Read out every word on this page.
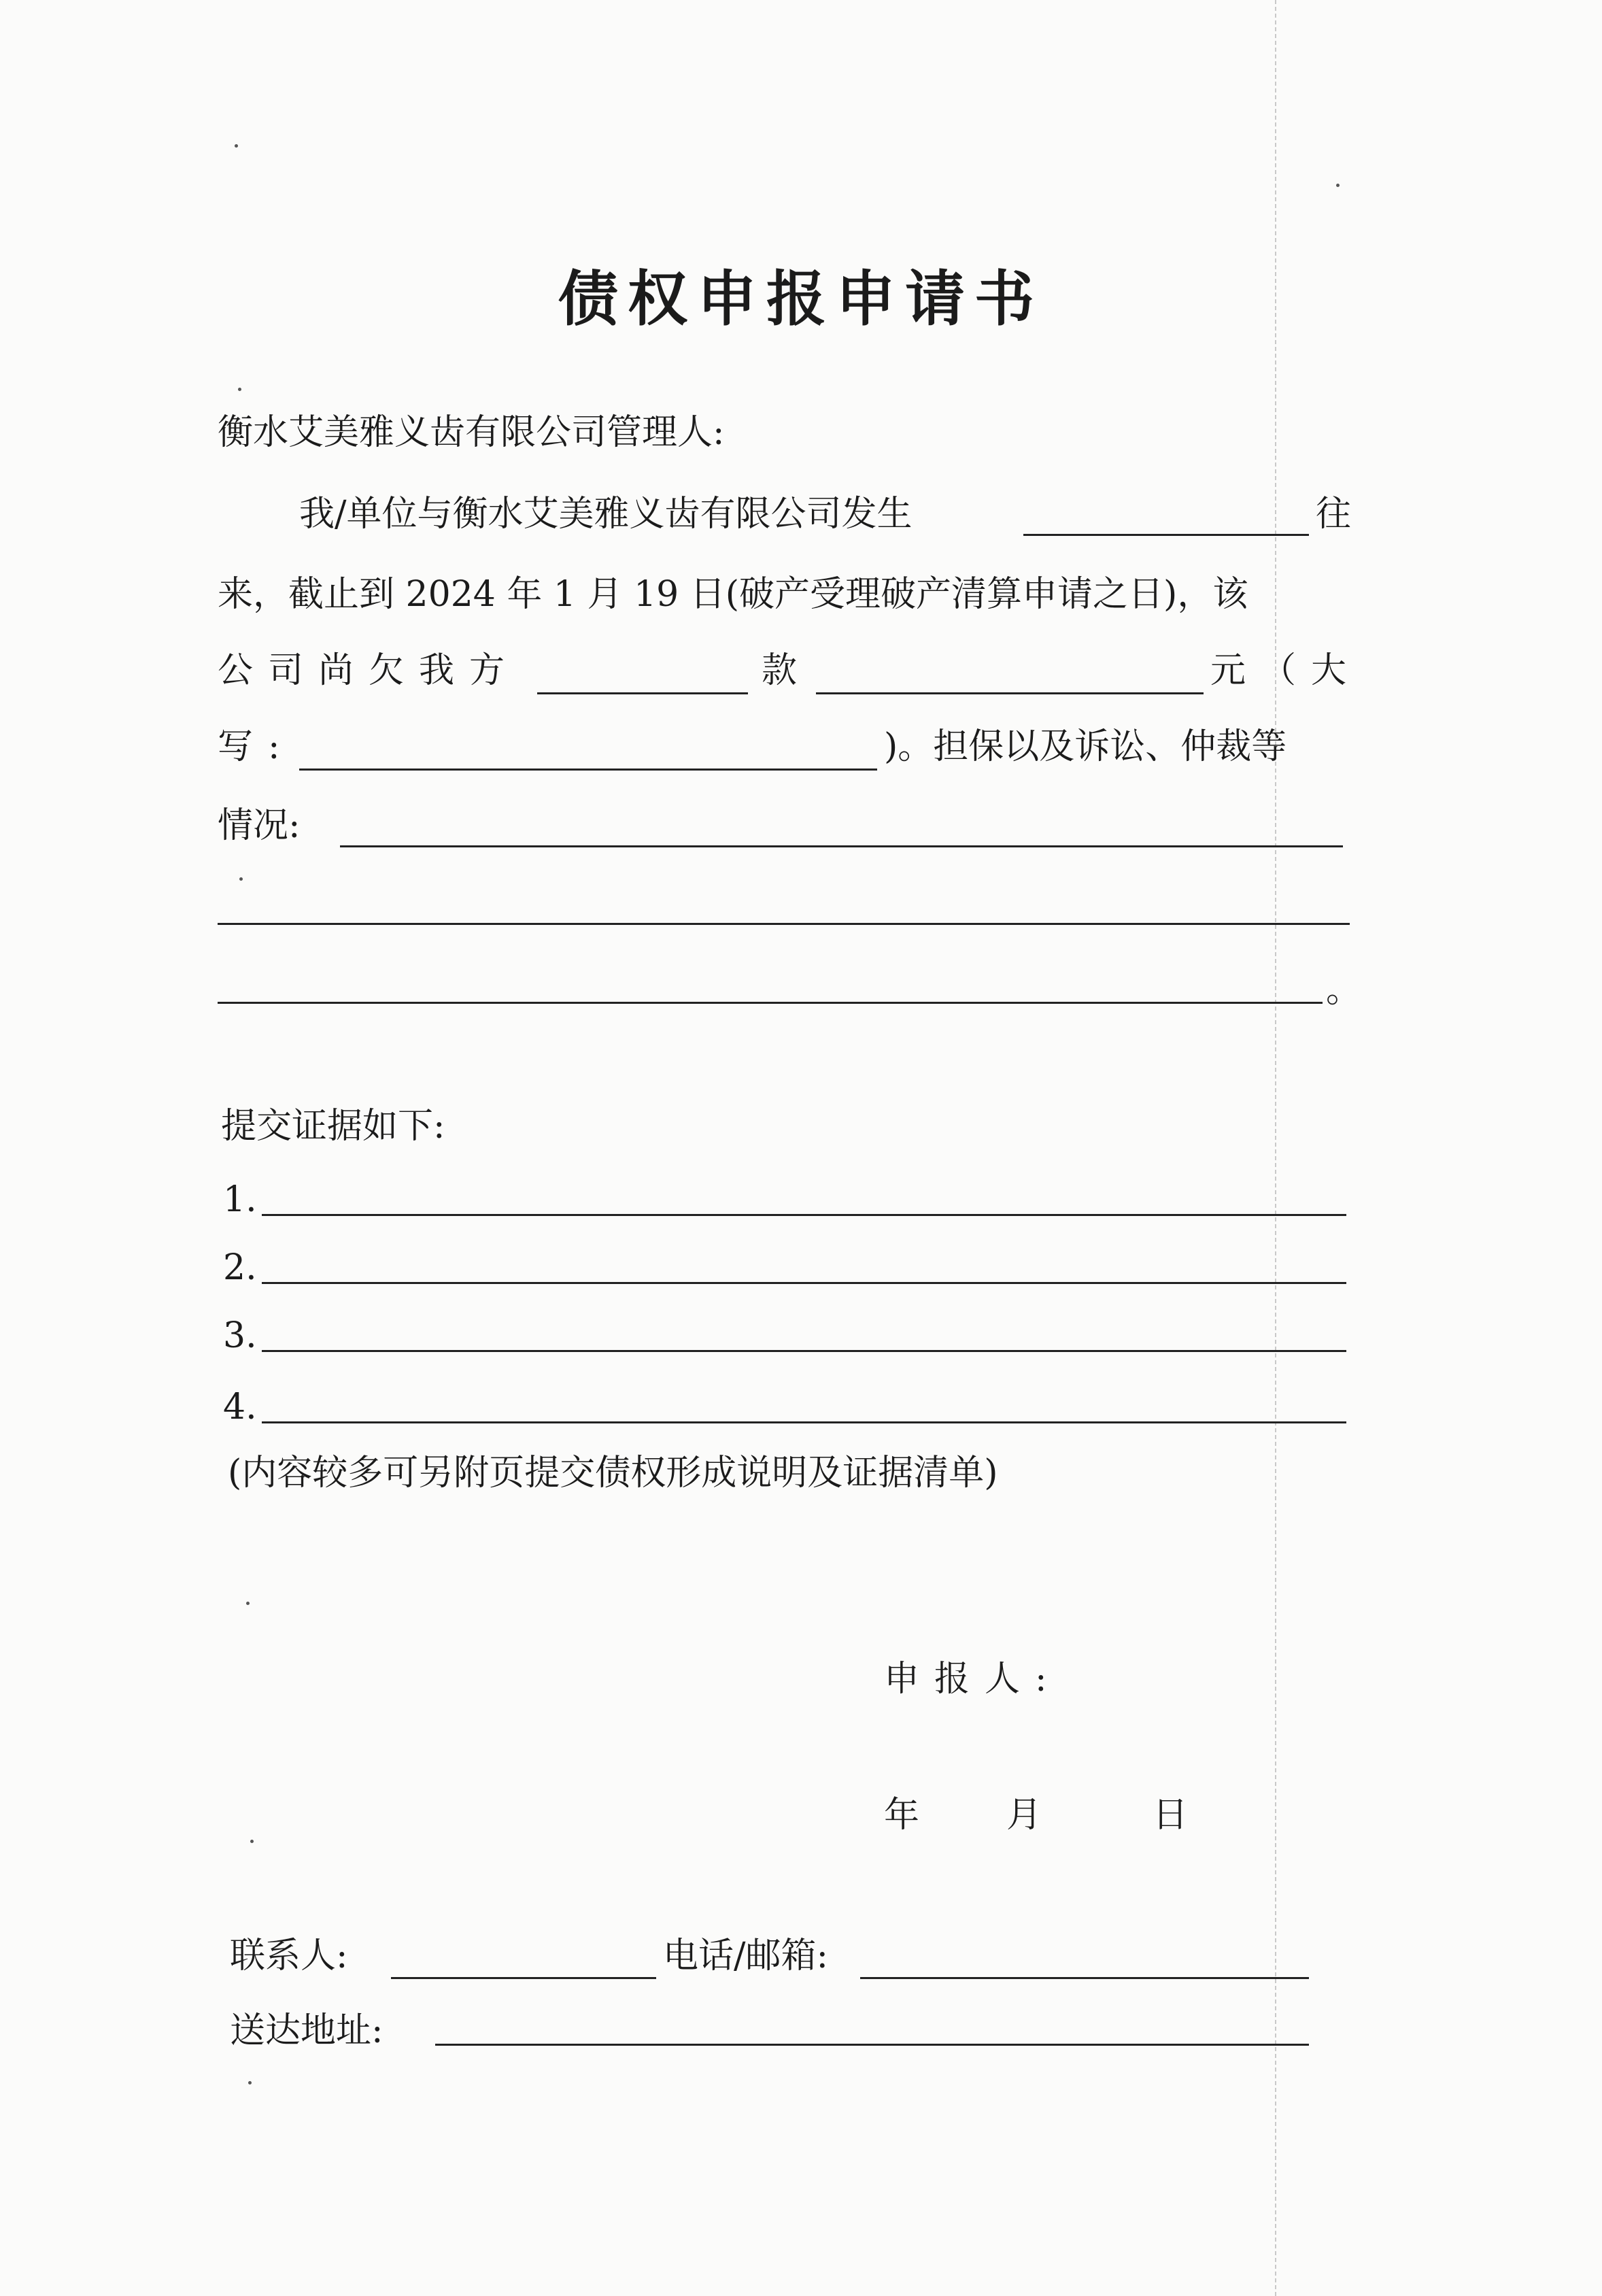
债权申报申请书
衡水艾美雅义齿有限公司管理人:
我/单位与衡水艾美雅义齿有限公司发生	往
来，截止到 2024 年 1 月 19 日(破产受理破产清算申请之日)，该
公司尚欠我方	款	元（大
写:	)。担保以及诉讼、仲裁等
情况:
。
提交证据如下:
1.
2.
3.
4.
(内容较多可另附页提交债权形成说明及证据清单)
申报人:
年 月	日
联系人:	电话/邮箱:
送达地址:
